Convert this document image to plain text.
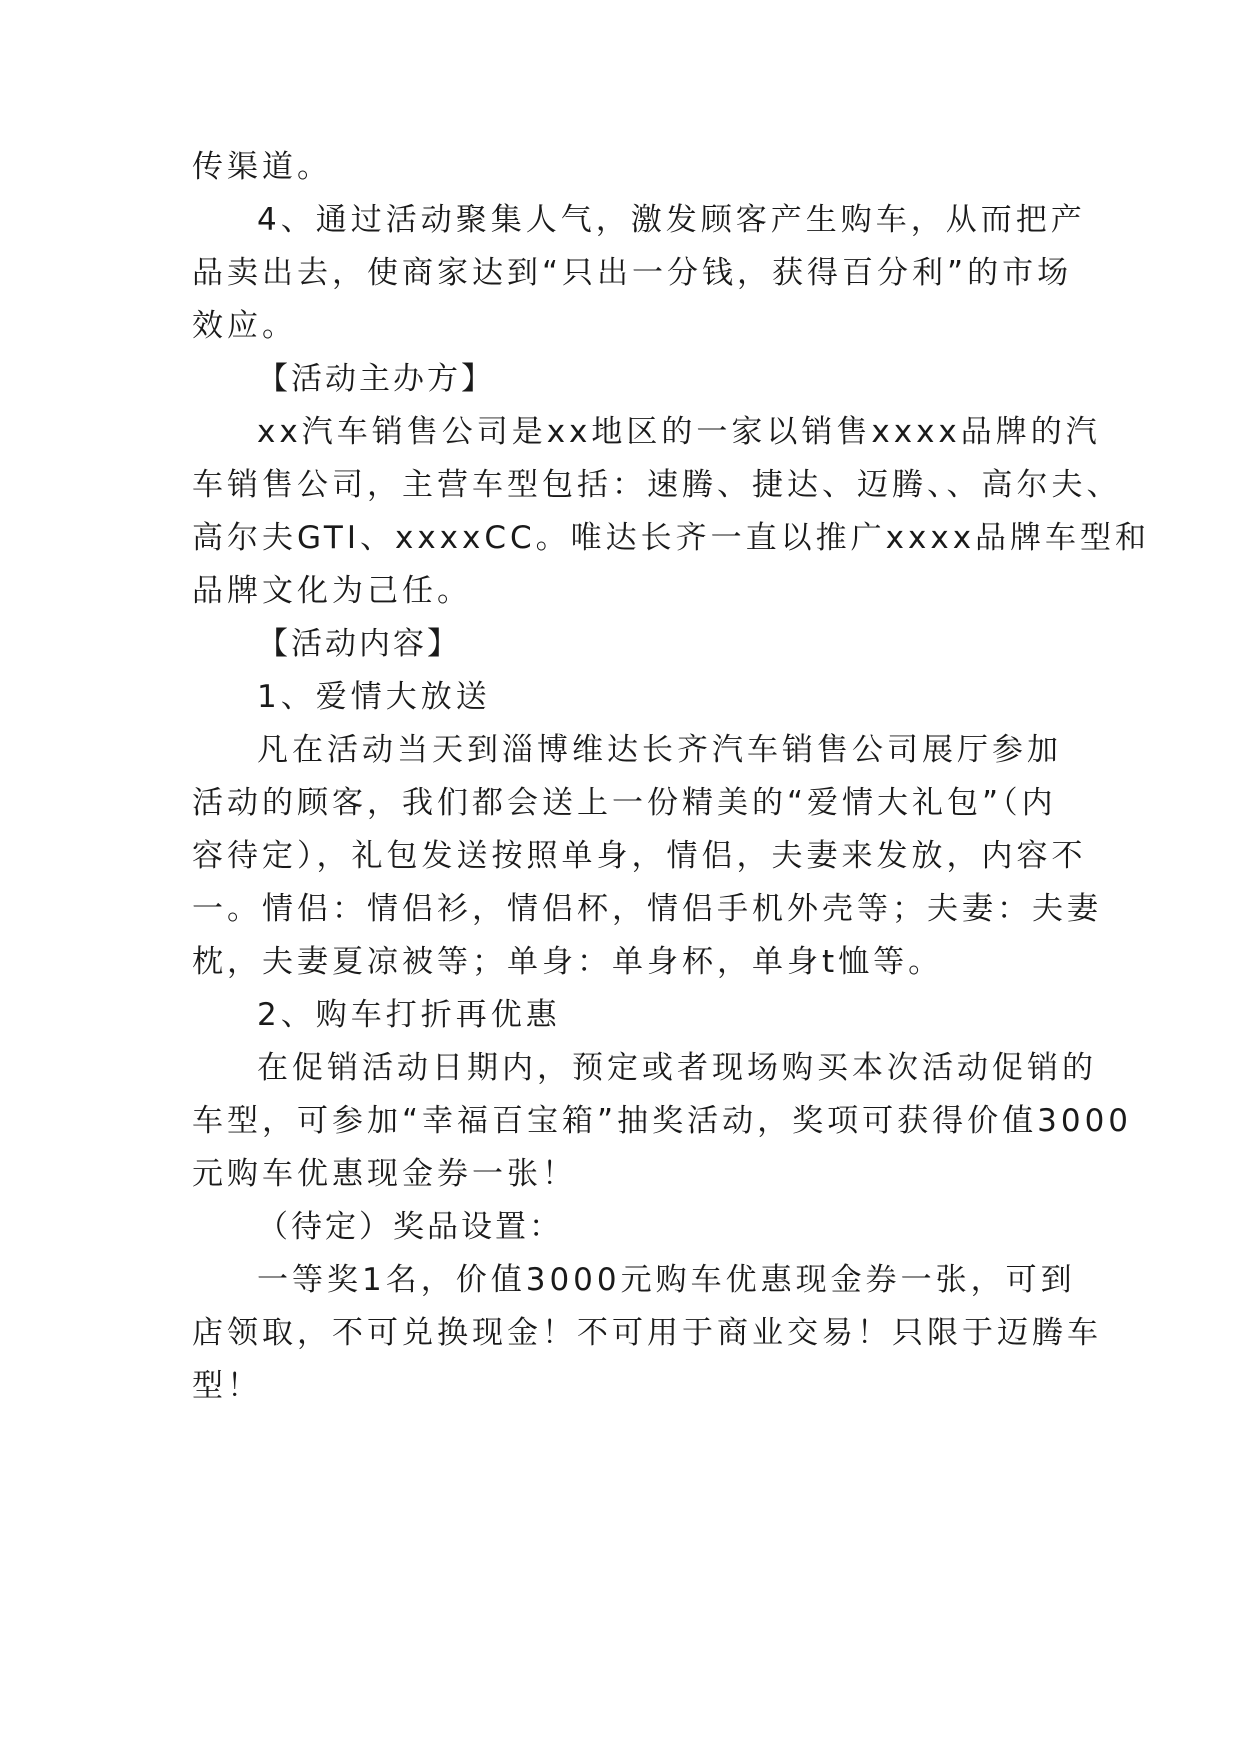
传渠道。

4、通过活动聚集人气，激发顾客产生购车，从而把产

品卖出去，使商家达到“只出一分钱，获得百分利”的市场

效应。

【活动主办方】

xx汽车销售公司是xx地区的一家以销售xxxx品牌的汽

车销售公司，主营车型包括：速腾、捷达、迈腾、、高尔夫、

高尔夫GTI、xxxxCC。唯达长齐一直以推广xxxx品牌车型和

品牌文化为己任。

【活动内容】

1、爱情大放送

凡在活动当天到淄博维达长齐汽车销售公司展厅参加

活动的顾客，我们都会送上一份精美的“爱情大礼包”（内

容待定），礼包发送按照单身，情侣，夫妻来发放，内容不

一。情侣：情侣衫，情侣杯，情侣手机外壳等；夫妻：夫妻

枕，夫妻夏凉被等；单身：单身杯，单身t恤等。

2、购车打折再优惠

在促销活动日期内，预定或者现场购买本次活动促销的

车型，可参加“幸福百宝箱”抽奖活动，奖项可获得价值3000

元购车优惠现金券一张！

（待定）奖品设置：

一等奖1名，价值3000元购车优惠现金券一张，可到

店领取，不可兑换现金！不可用于商业交易！只限于迈腾车

型！
